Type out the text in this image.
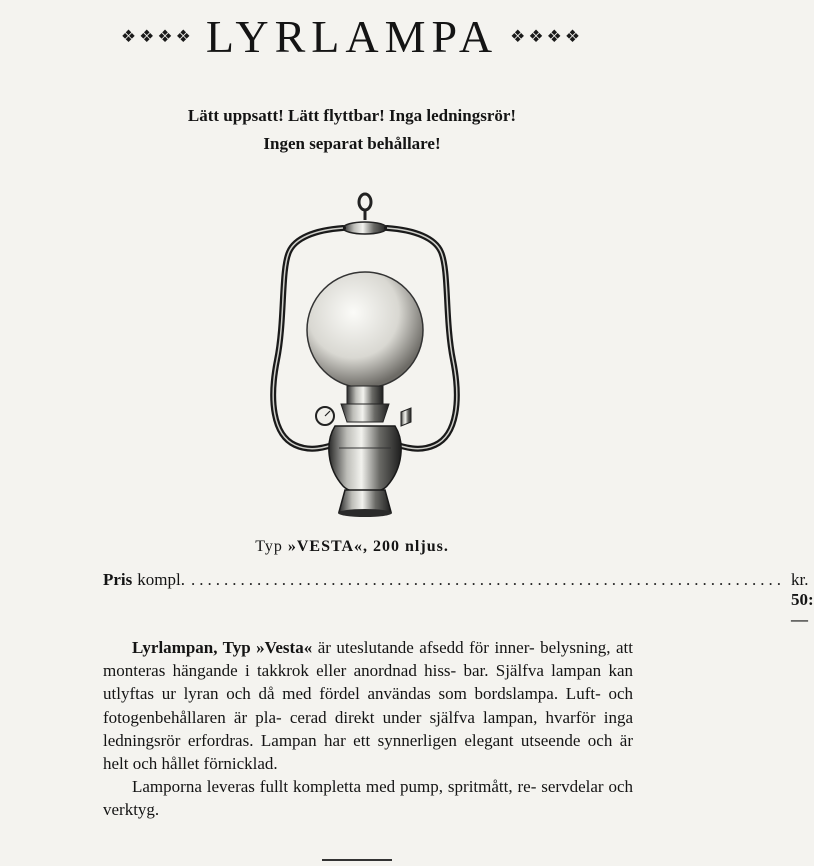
❖❖❖❖ LYRLAMPA ❖❖❖❖
Lätt uppsatt! Lätt flyttbar! Inga ledningsrör!
Ingen separat behållare!
Typ »VESTA«, 200 nljus.
Pris kompl. ........................................................................ kr. 50:—

Lyrlampan, Typ »Vesta« är uteslutande afsedd för inner- belysning, att monteras hängande i takkrok eller anordnad hiss- bar. Själfva lampan kan utlyftas ur lyran och då med fördel användas som bordslampa. Luft- och fotogenbehållaren är pla- cerad direkt under själfva lampan, hvarför inga ledningsrör erfordras. Lampan har ett synnerligen elegant utseende och är helt och hållet förnicklad.

Lamporna leveras fullt kompletta med pump, spritmått, re- servdelar och verktyg.
